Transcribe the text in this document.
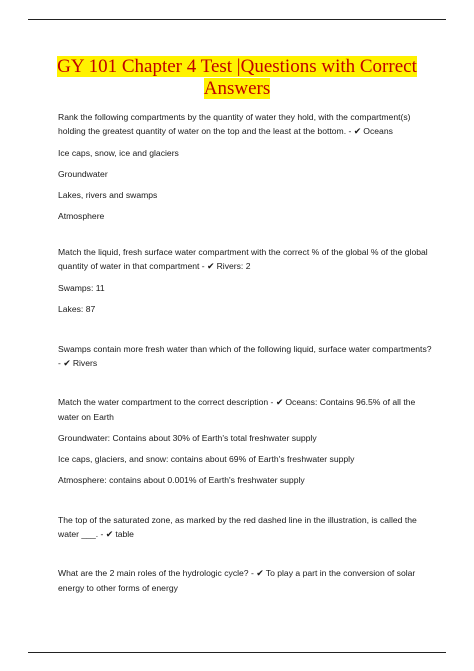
GY 101 Chapter 4 Test |Questions with Correct
Answers

Rank the following compartments by the quantity of water they hold, with the compartment(s) holding the greatest quantity of water on the top and the least at the bottom. - ✔ Oceans

Ice caps, snow, ice and glaciers

Groundwater

Lakes, rivers and swamps

Atmosphere

Match the liquid, fresh surface water compartment with the correct % of the global % of the global quantity of water in that compartment - ✔ Rivers: 2

Swamps: 11

Lakes: 87

Swamps contain more fresh water than which of the following liquid, surface water compartments? - ✔ Rivers

Match the water compartment to the correct description - ✔ Oceans: Contains 96.5% of all the water on Earth

Groundwater: Contains about 30% of Earth's total freshwater supply

Ice caps, glaciers, and snow: contains about 69% of Earth's freshwater supply

Atmosphere: contains about 0.001% of Earth's freshwater supply

The top of the saturated zone, as marked by the red dashed line in the illustration, is called the water ___. - ✔ table

What are the 2 main roles of the hydrologic cycle? - ✔ To play a part in the conversion of solar energy to other forms of energy
